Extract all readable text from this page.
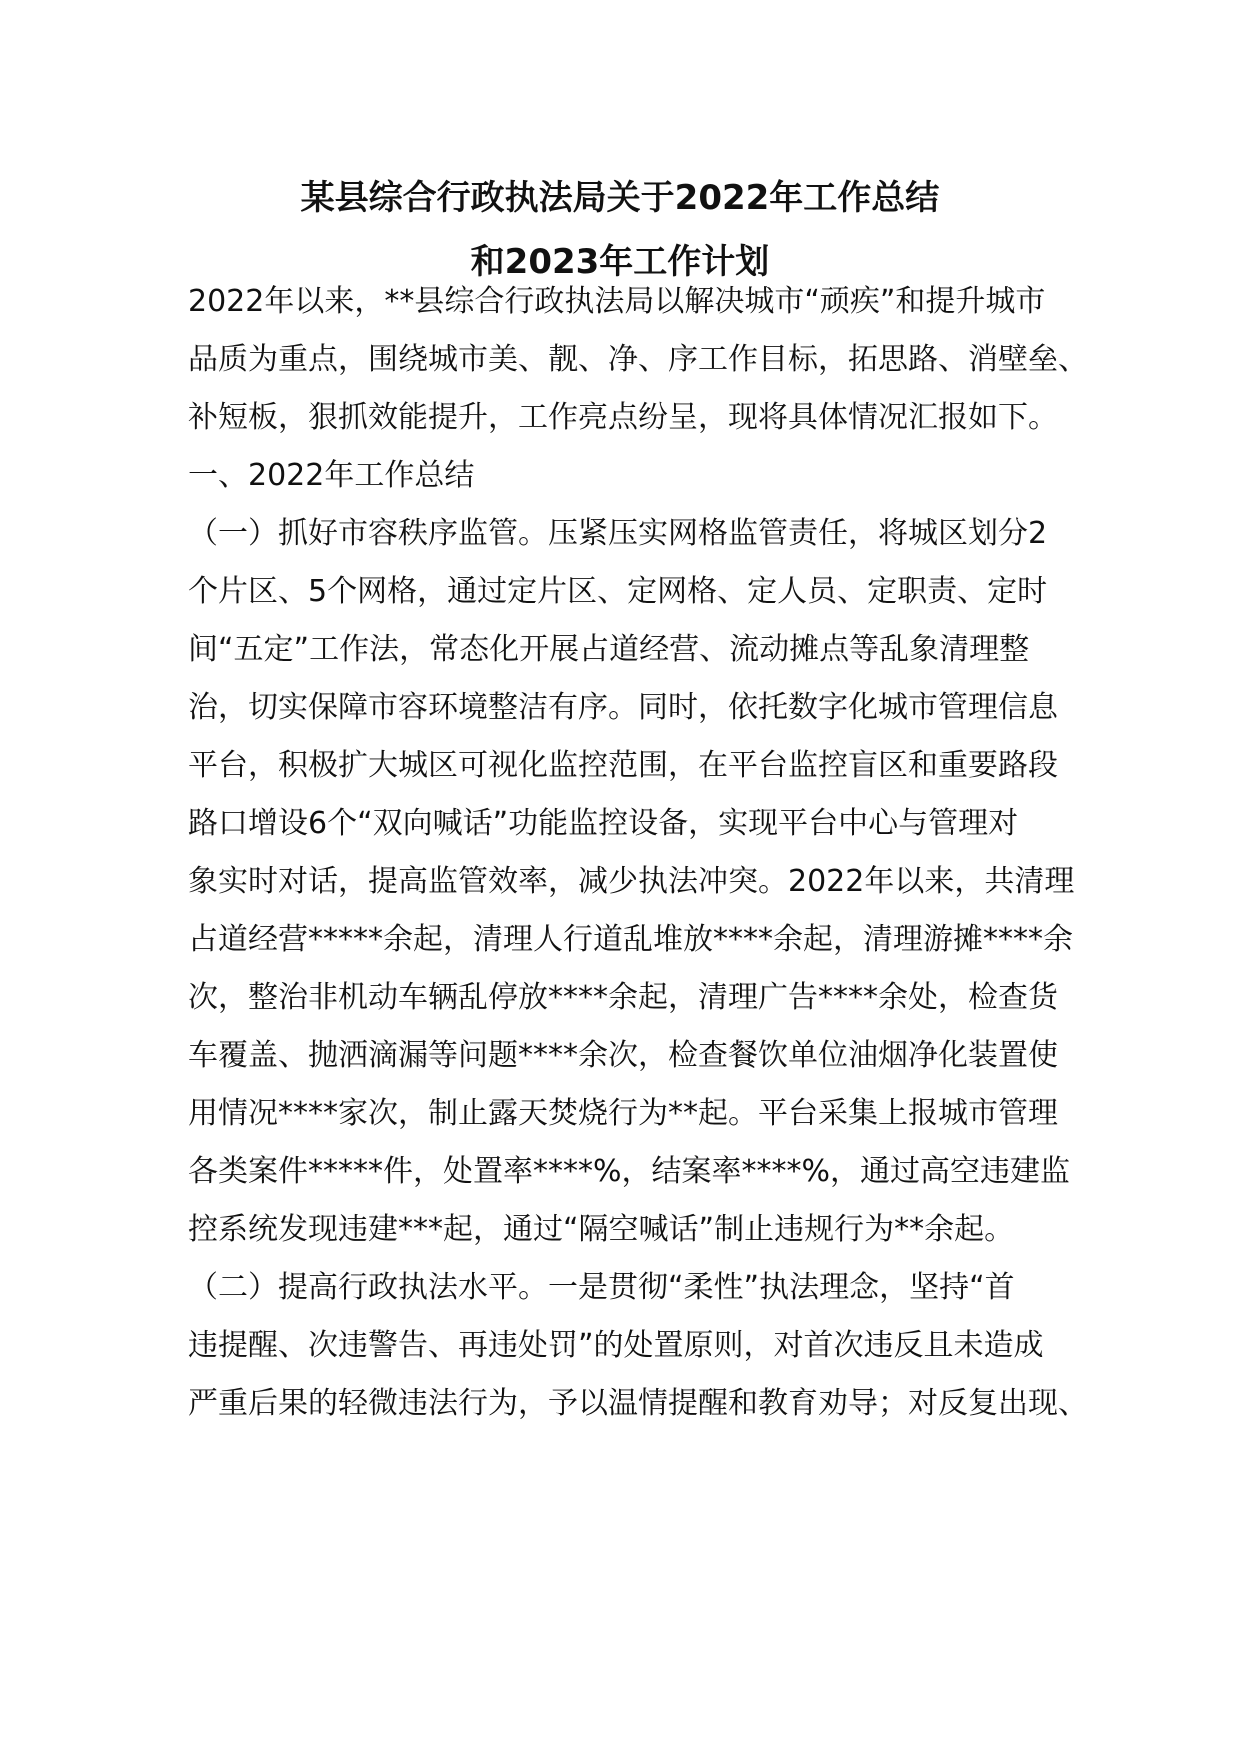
某县综合行政执法局关于2022年工作总结
和2023年工作计划
2022年以来，**县综合行政执法局以解决城市“顽疾”和提升城市
品质为重点，围绕城市美、靓、净、序工作目标，拓思路、消壁垒、
补短板，狠抓效能提升，工作亮点纷呈，现将具体情况汇报如下。
一、2022年工作总结
（一）抓好市容秩序监管。压紧压实网格监管责任，将城区划分2
个片区、5个网格，通过定片区、定网格、定人员、定职责、定时
间“五定”工作法，常态化开展占道经营、流动摊点等乱象清理整
治，切实保障市容环境整洁有序。同时，依托数字化城市管理信息
平台，积极扩大城区可视化监控范围，在平台监控盲区和重要路段
路口增设6个“双向喊话”功能监控设备，实现平台中心与管理对
象实时对话，提高监管效率，减少执法冲突。2022年以来，共清理
占道经营*****余起，清理人行道乱堆放****余起，清理游摊****余
次，整治非机动车辆乱停放****余起，清理广告****余处，检查货
车覆盖、抛洒滴漏等问题****余次，检查餐饮单位油烟净化装置使
用情况****家次，制止露天焚烧行为**起。平台采集上报城市管理
各类案件*****件，处置率****%，结案率****%，通过高空违建监
控系统发现违建***起，通过“隔空喊话”制止违规行为**余起。
（二）提高行政执法水平。一是贯彻“柔性”执法理念，坚持“首
违提醒、次违警告、再违处罚”的处置原则，对首次违反且未造成
严重后果的轻微违法行为，予以温情提醒和教育劝导；对反复出现、
